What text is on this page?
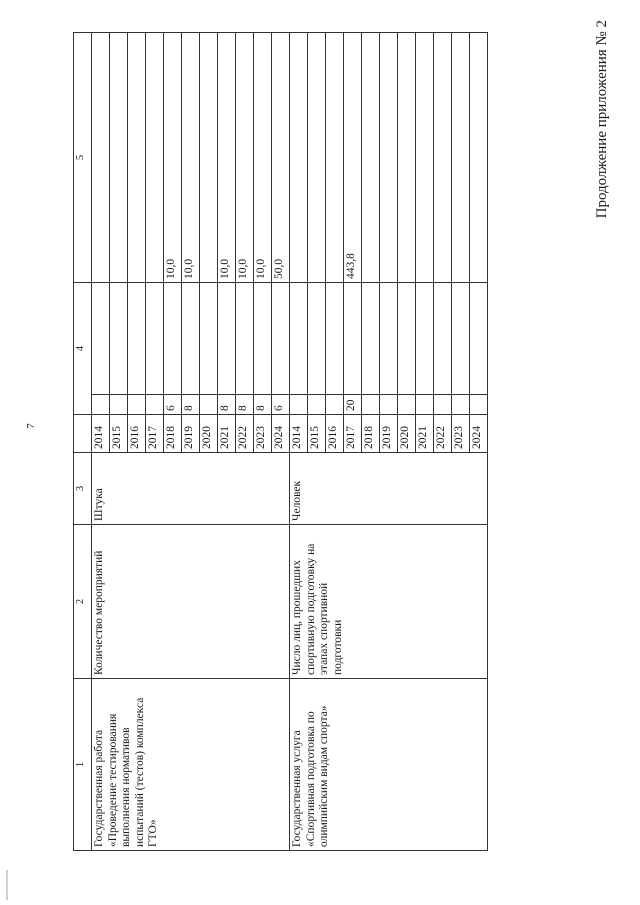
7
Продолжение приложения № 2
1	2	3		4		5	
Государственная работа «Проведение тестирования выполнения нормативов испытаний (тестов) комплекса ГТО»	Количество мероприятий	Штука	2014				
			2015				
			2016				
			2017				
			2018	6		10,0	
			2019	8		10,0	
			2020				
			2021	8		10,0	
			2022	8		10,0	
			2023	8		10,0	
			2024	6		50,0	
Государственная услуга «Спортивная подготовка по олимпийским видам спорта»	Число лиц, прошедших спортивную подготовку на этапах спортивной подготовки	Человек	2014				
			2015				
			2016				
			2017	20		443,8	
			2018				
			2019				
			2020				
			2021				
			2022				
			2023				
			2024				
